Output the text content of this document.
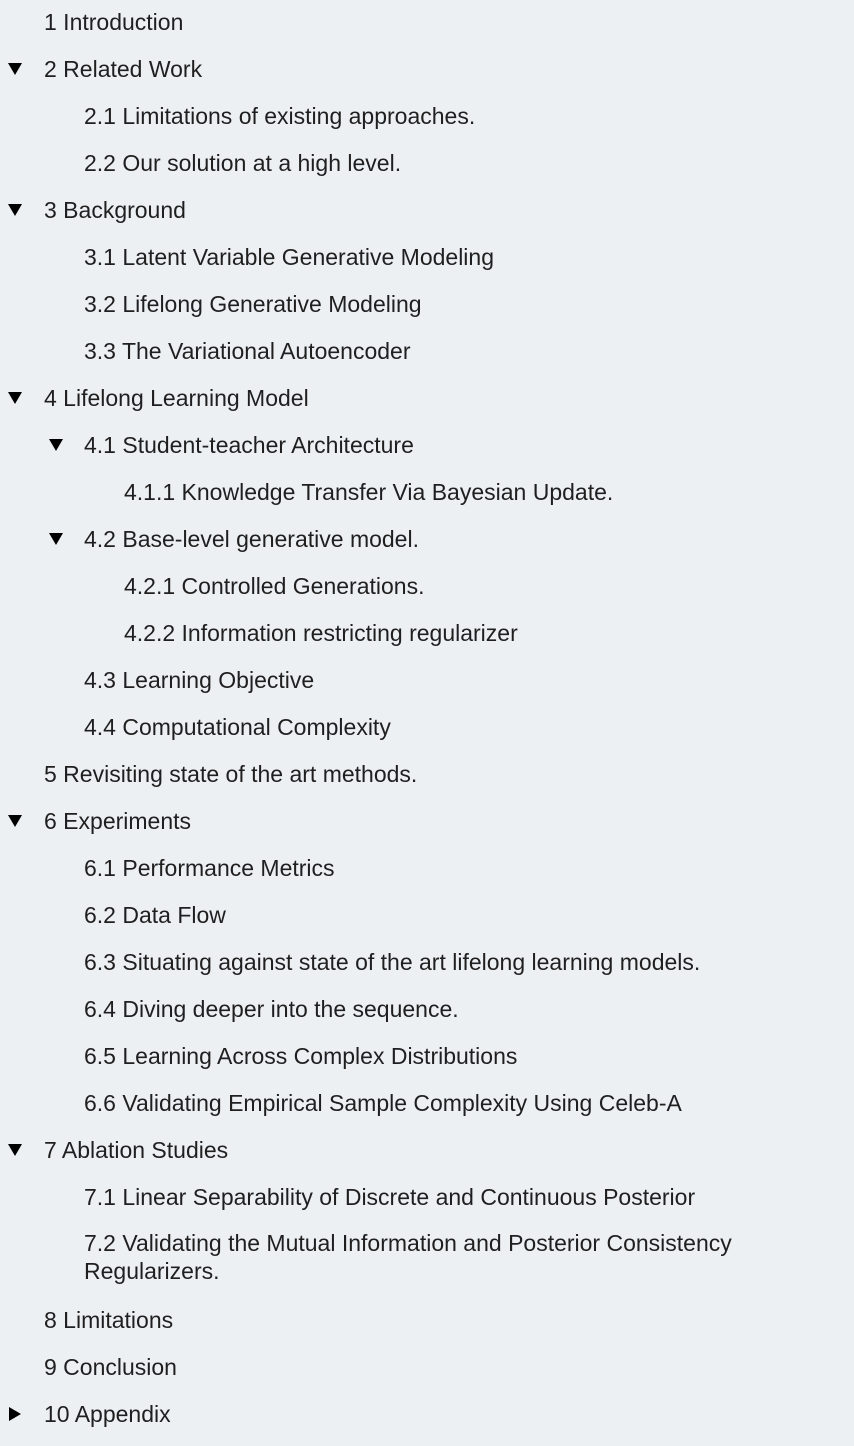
1 Introduction
2 Related Work
2.1 Limitations of existing approaches.
2.2 Our solution at a high level.
3 Background
3.1 Latent Variable Generative Modeling
3.2 Lifelong Generative Modeling
3.3 The Variational Autoencoder
4 Lifelong Learning Model
4.1 Student-teacher Architecture
4.1.1 Knowledge Transfer Via Bayesian Update.
4.2 Base-level generative model.
4.2.1 Controlled Generations.
4.2.2 Information restricting regularizer
4.3 Learning Objective
4.4 Computational Complexity
5 Revisiting state of the art methods.
6 Experiments
6.1 Performance Metrics
6.2 Data Flow
6.3 Situating against state of the art lifelong learning models.
6.4 Diving deeper into the sequence.
6.5 Learning Across Complex Distributions
6.6 Validating Empirical Sample Complexity Using Celeb-A
7 Ablation Studies
7.1 Linear Separability of Discrete and Continuous Posterior
7.2 Validating the Mutual Information and Posterior Consistency Regularizers.
8 Limitations
9 Conclusion
10 Appendix
